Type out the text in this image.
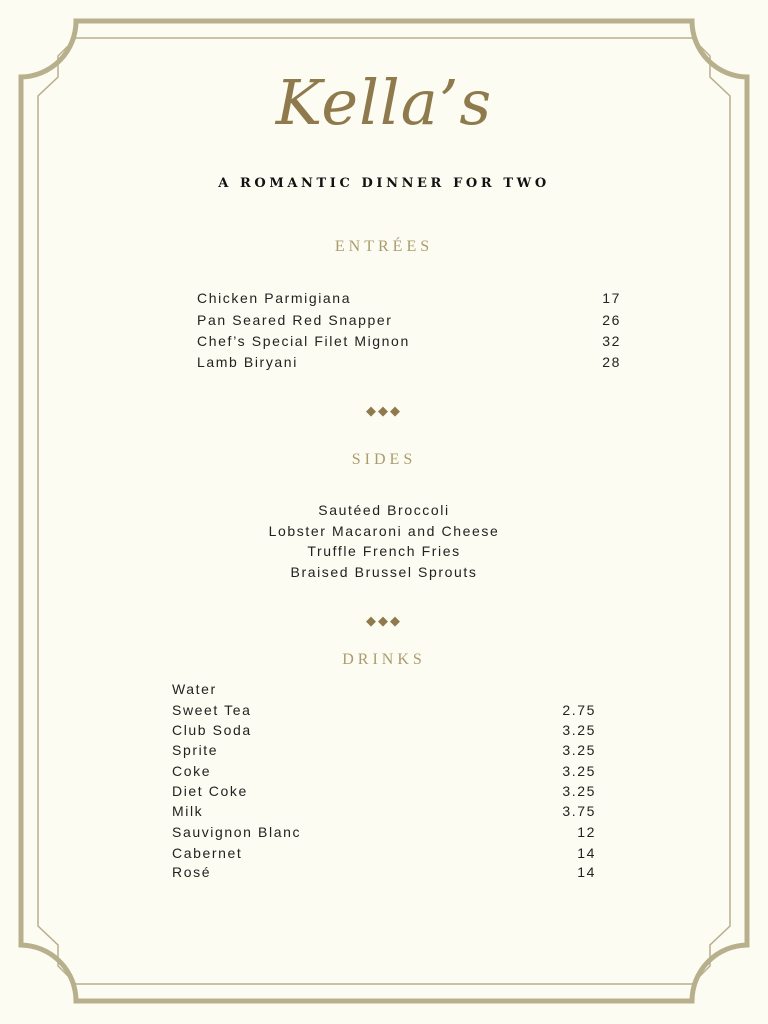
Kella’s
A ROMANTIC DINNER FOR TWO
ENTRÉES
Chicken Parmigiana	17
Pan Seared Red Snapper	26
Chef’s Special Filet Mignon	32
Lamb Biryani	28
◆◆◆
SIDES
Sautéed Broccoli
Lobster Macaroni and Cheese
Truffle French Fries
Braised Brussel Sprouts
◆◆◆
DRINKS
Water
Sweet Tea	2.75
Club Soda	3.25
Sprite	3.25
Coke	3.25
Diet Coke	3.25
Milk	3.75
Sauvignon Blanc	12
Cabernet	14
Rosé	14
